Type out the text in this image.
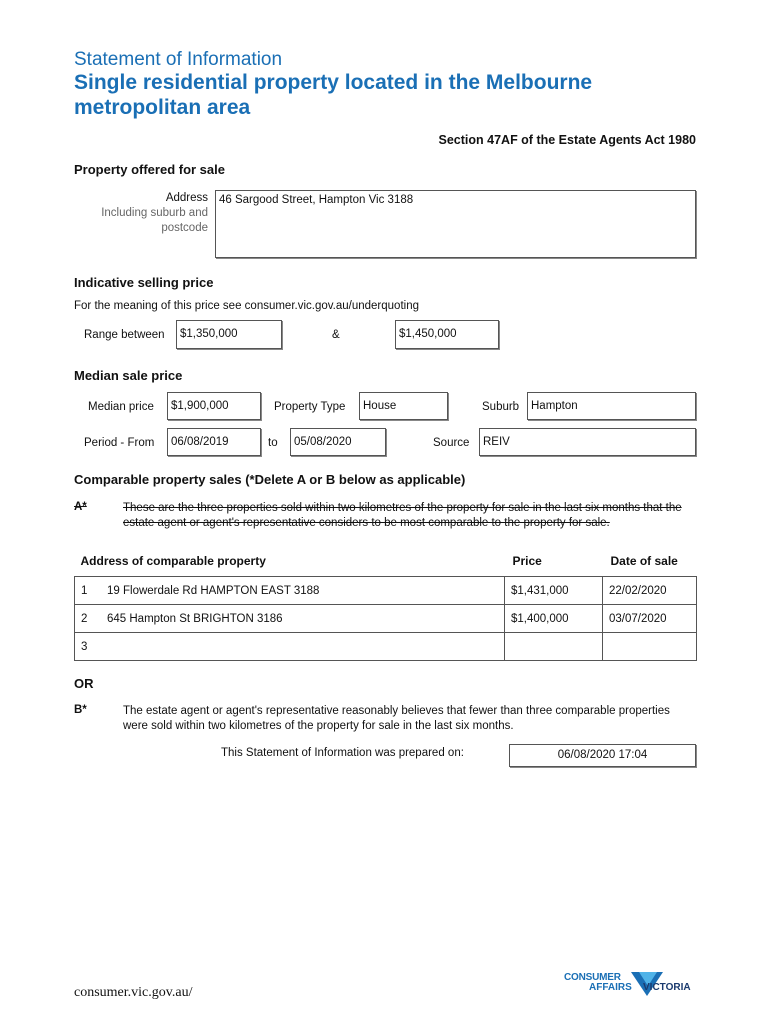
Statement of Information
Single residential property located in the Melbourne metropolitan area
Section 47AF of the Estate Agents Act 1980
Property offered for sale
Address
Including suburb and
postcode
46 Sargood Street, Hampton Vic 3188
Indicative selling price
For the meaning of this price see consumer.vic.gov.au/underquoting
Range between	$1,350,000	&	$1,450,000
Median sale price
Median price	$1,900,000	Property Type	House	Suburb	Hampton
Period - From	06/08/2019	to	05/08/2020	Source	REIV
Comparable property sales (*Delete A or B below as applicable)
A*	These are the three properties sold within two kilometres of the property for sale in the last six months that the estate agent or agent's representative considers to be most comparable to the property for sale.
Address of comparable property		Price	Date of sale
1	19 Flowerdale Rd HAMPTON EAST 3188	$1,431,000	22/02/2020
2	645 Hampton St BRIGHTON 3186	$1,400,000	03/07/2020
3			
OR
B*	The estate agent or agent's representative reasonably believes that fewer than three comparable properties were sold within two kilometres of the property for sale in the last six months.
This Statement of Information was prepared on:	06/08/2020 17:04
consumer.vic.gov.au/
CONSUMER
AFFAIRS VICTORIA
